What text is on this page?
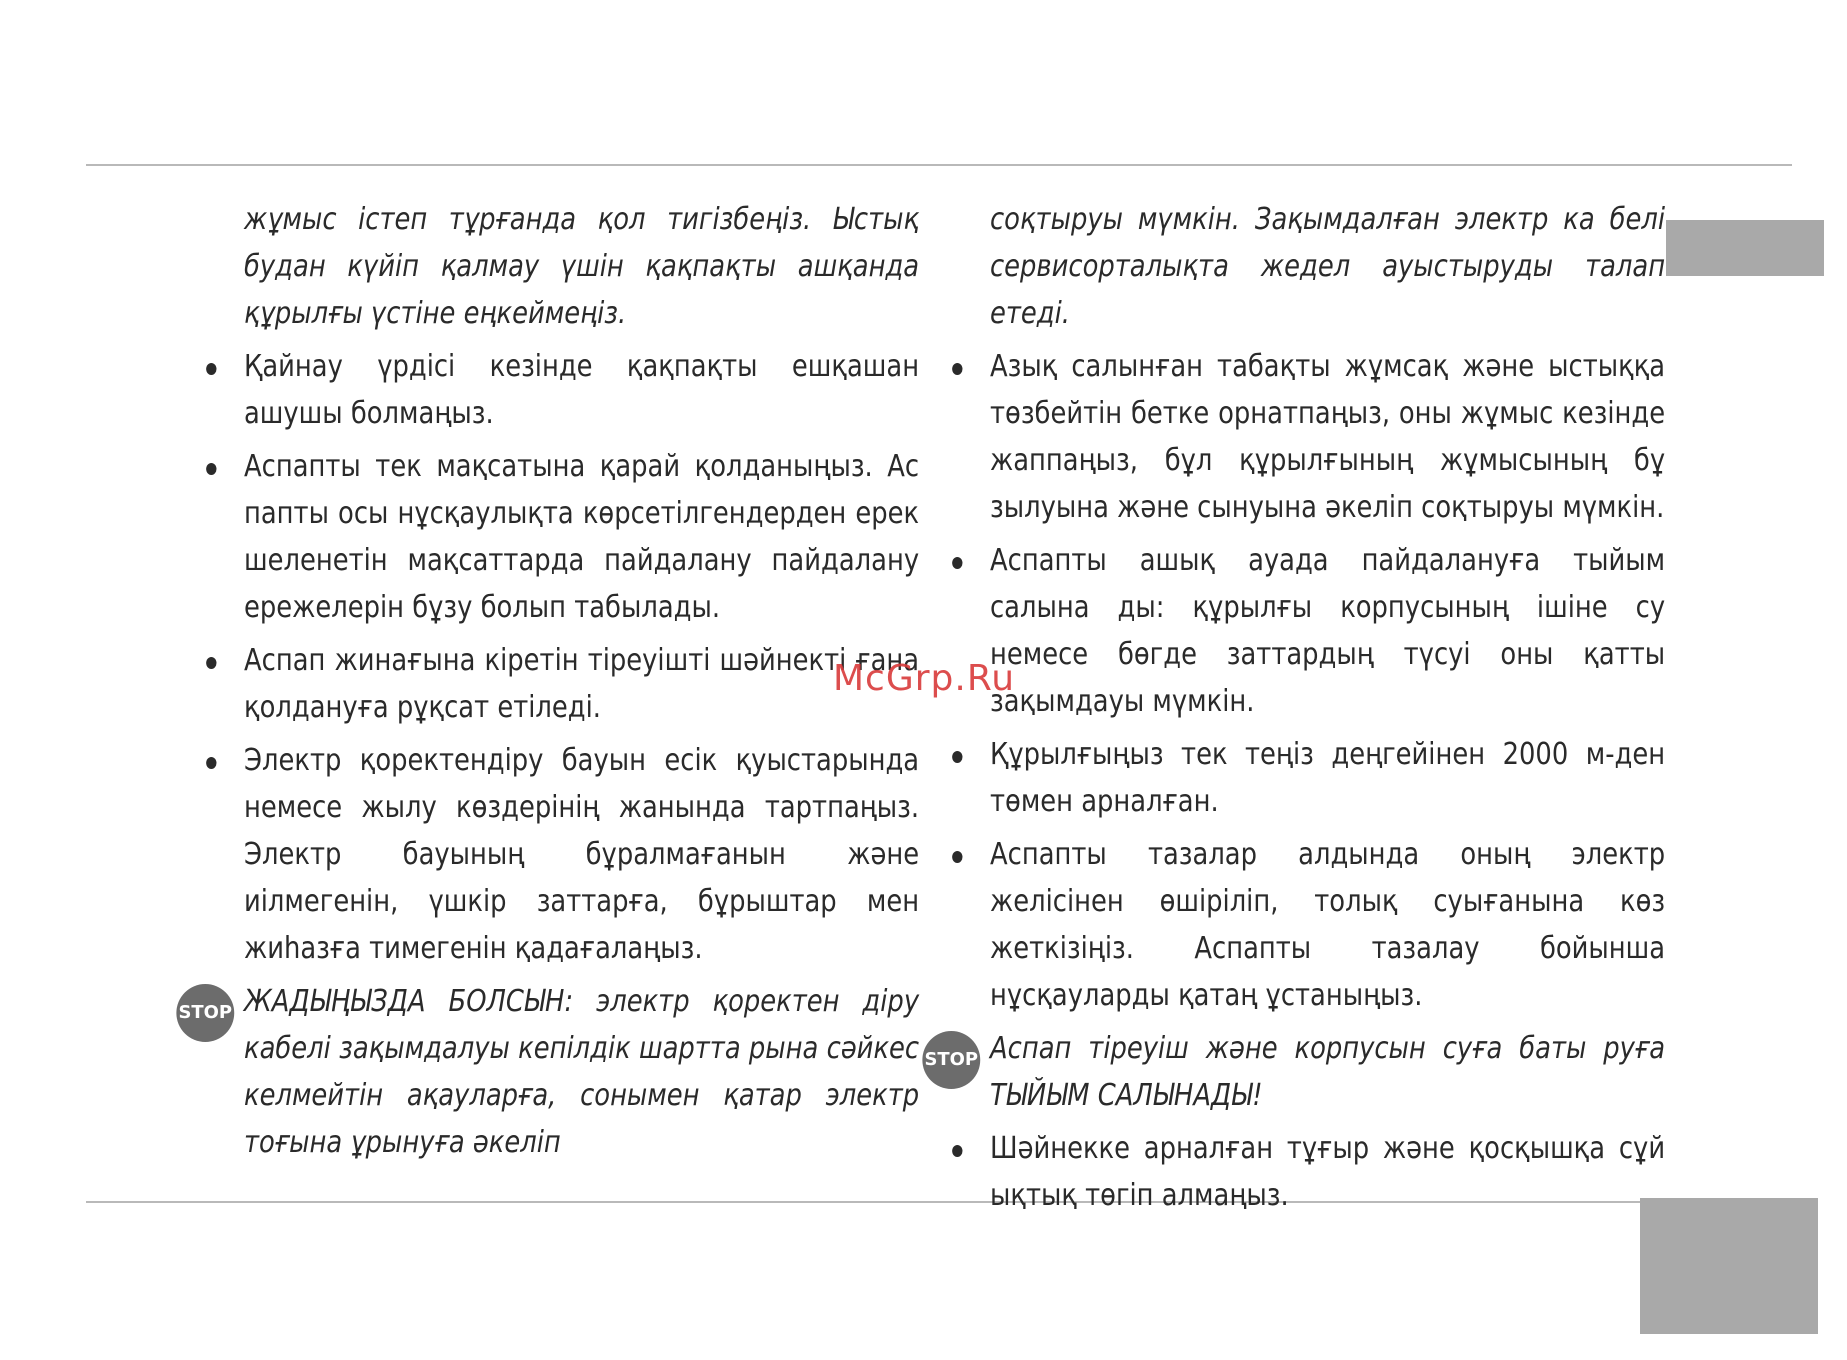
жұмыс істеп тұрғанда қол тигізбеңіз. Ыстық будан күйіп қалмау үшін қақпақты ашқанда құрылғы үстіне еңкеймеңіз.

Қайнау үрдісі кезінде қақпақты ешқашан ашушы болмаңыз.

Аспапты тек мақсатына қарай қолданыңыз. Ас папты осы нұсқаулықта көрсетілгендерден ерек шеленетін мақсаттарда пайдалану пайдалану ережелерін бұзу болып табылады.

Аспап жинағына кіретін тіреуішті шәйнекті ғана қолдануға рұқсат етіледі.

Электр қоректендіру бауын есік қуыстарында немесе жылу көздерінің жанында тартпаңыз. Электр бауының бұралмағанын және иілмегенін, үшкір заттарға, бұрыштар мен жиһазға тимегенін қадағалаңыз.

STOP ЖАДЫҢЫЗДА БОЛСЫН: электр қоректен діру кабелі зақымдалуы кепілдік шартта рына сәйкес келмейтін ақауларға, сонымен қатар электр тоғына ұрынуға әкеліп

соқтыруы мүмкін. Зақымдалған электр ка белі сервисорталықта жедел ауыстыруды талап етеді.

Азық салынған табақты жұмсақ және ыстыққа төзбейтін бетке орнатпаңыз, оны жұмыс кезінде жаппаңыз, бұл құрылғының жұмысының бұ зылуына және сынуына әкеліп соқтыруы мүмкін.

Аспапты ашық ауада пайдалануға тыйым салына ды: құрылғы корпусының ішіне су немесе бөгде заттардың түсуі оны қатты зақымдауы мүмкін.

Құрылғыңыз тек теңіз деңгейінен 2000 м-ден төмен арналған.

Аспапты тазалар алдында оның электр желісінен өшіріліп, толық суығанына көз жеткізіңіз. Аспапты тазалау бойынша нұсқауларды қатаң ұстаныңыз.

STOP Аспап тіреуіш және корпусын суға баты руға ТЫЙЫМ САЛЫНАДЫ!

Шәйнекке арналған тұғыр және қосқышқа сұй ықтық төгіп алмаңыз.

McGrp.Ru
